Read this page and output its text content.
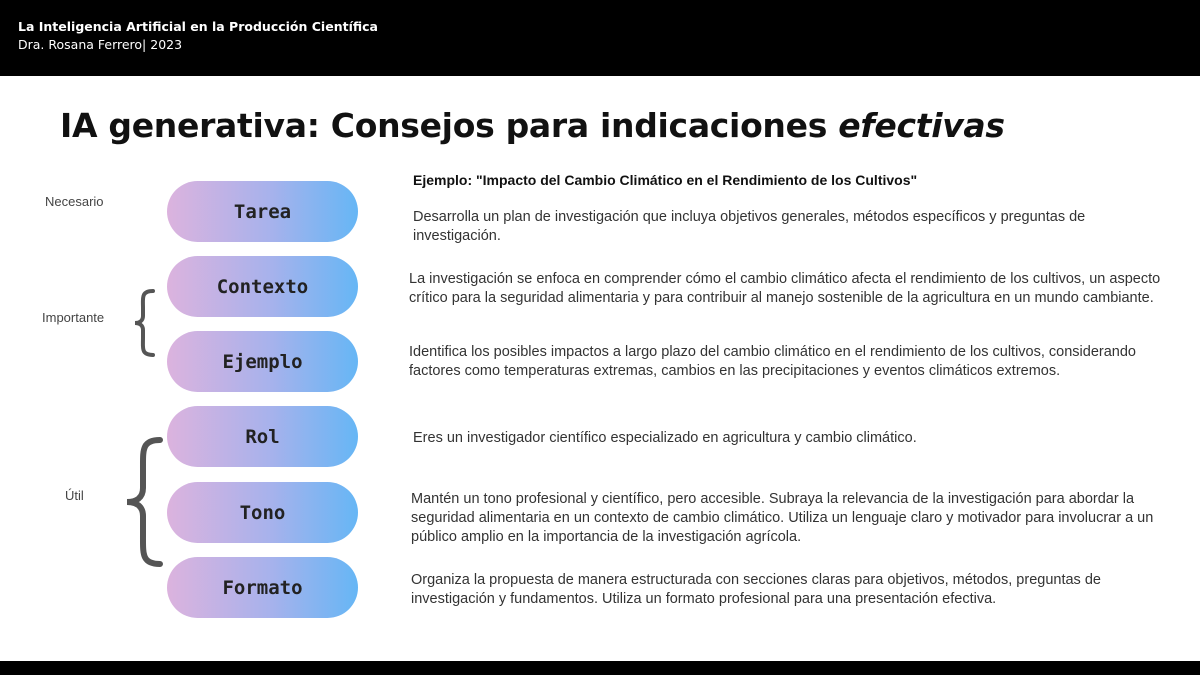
La Inteligencia Artificial en la Producción Científica
Dra. Rosana Ferrero| 2023
IA generativa: Consejos para indicaciones efectivas
Necesario
Importante
Útil
Tarea
Contexto
Ejemplo
Rol
Tono
Formato
Ejemplo: "Impacto del Cambio Climático en el Rendimiento de los Cultivos"
Desarrolla un plan de investigación que incluya objetivos generales, métodos específicos y preguntas de investigación.
La investigación se enfoca en comprender cómo el cambio climático afecta el rendimiento de los cultivos, un aspecto crítico para la seguridad alimentaria y para contribuir al manejo sostenible de la agricultura en un mundo cambiante.
Identifica los posibles impactos a largo plazo del cambio climático en el rendimiento de los cultivos, considerando factores como temperaturas extremas, cambios en las precipitaciones y eventos climáticos extremos.
Eres un investigador científico especializado en agricultura y cambio climático.
Mantén un tono profesional y científico, pero accesible. Subraya la relevancia de la investigación para abordar la seguridad alimentaria en un contexto de cambio climático. Utiliza un lenguaje claro y motivador para involucrar a un público amplio en la importancia de la investigación agrícola.
Organiza la propuesta de manera estructurada con secciones claras para objetivos, métodos, preguntas de investigación y fundamentos. Utiliza un formato profesional para una presentación efectiva.
